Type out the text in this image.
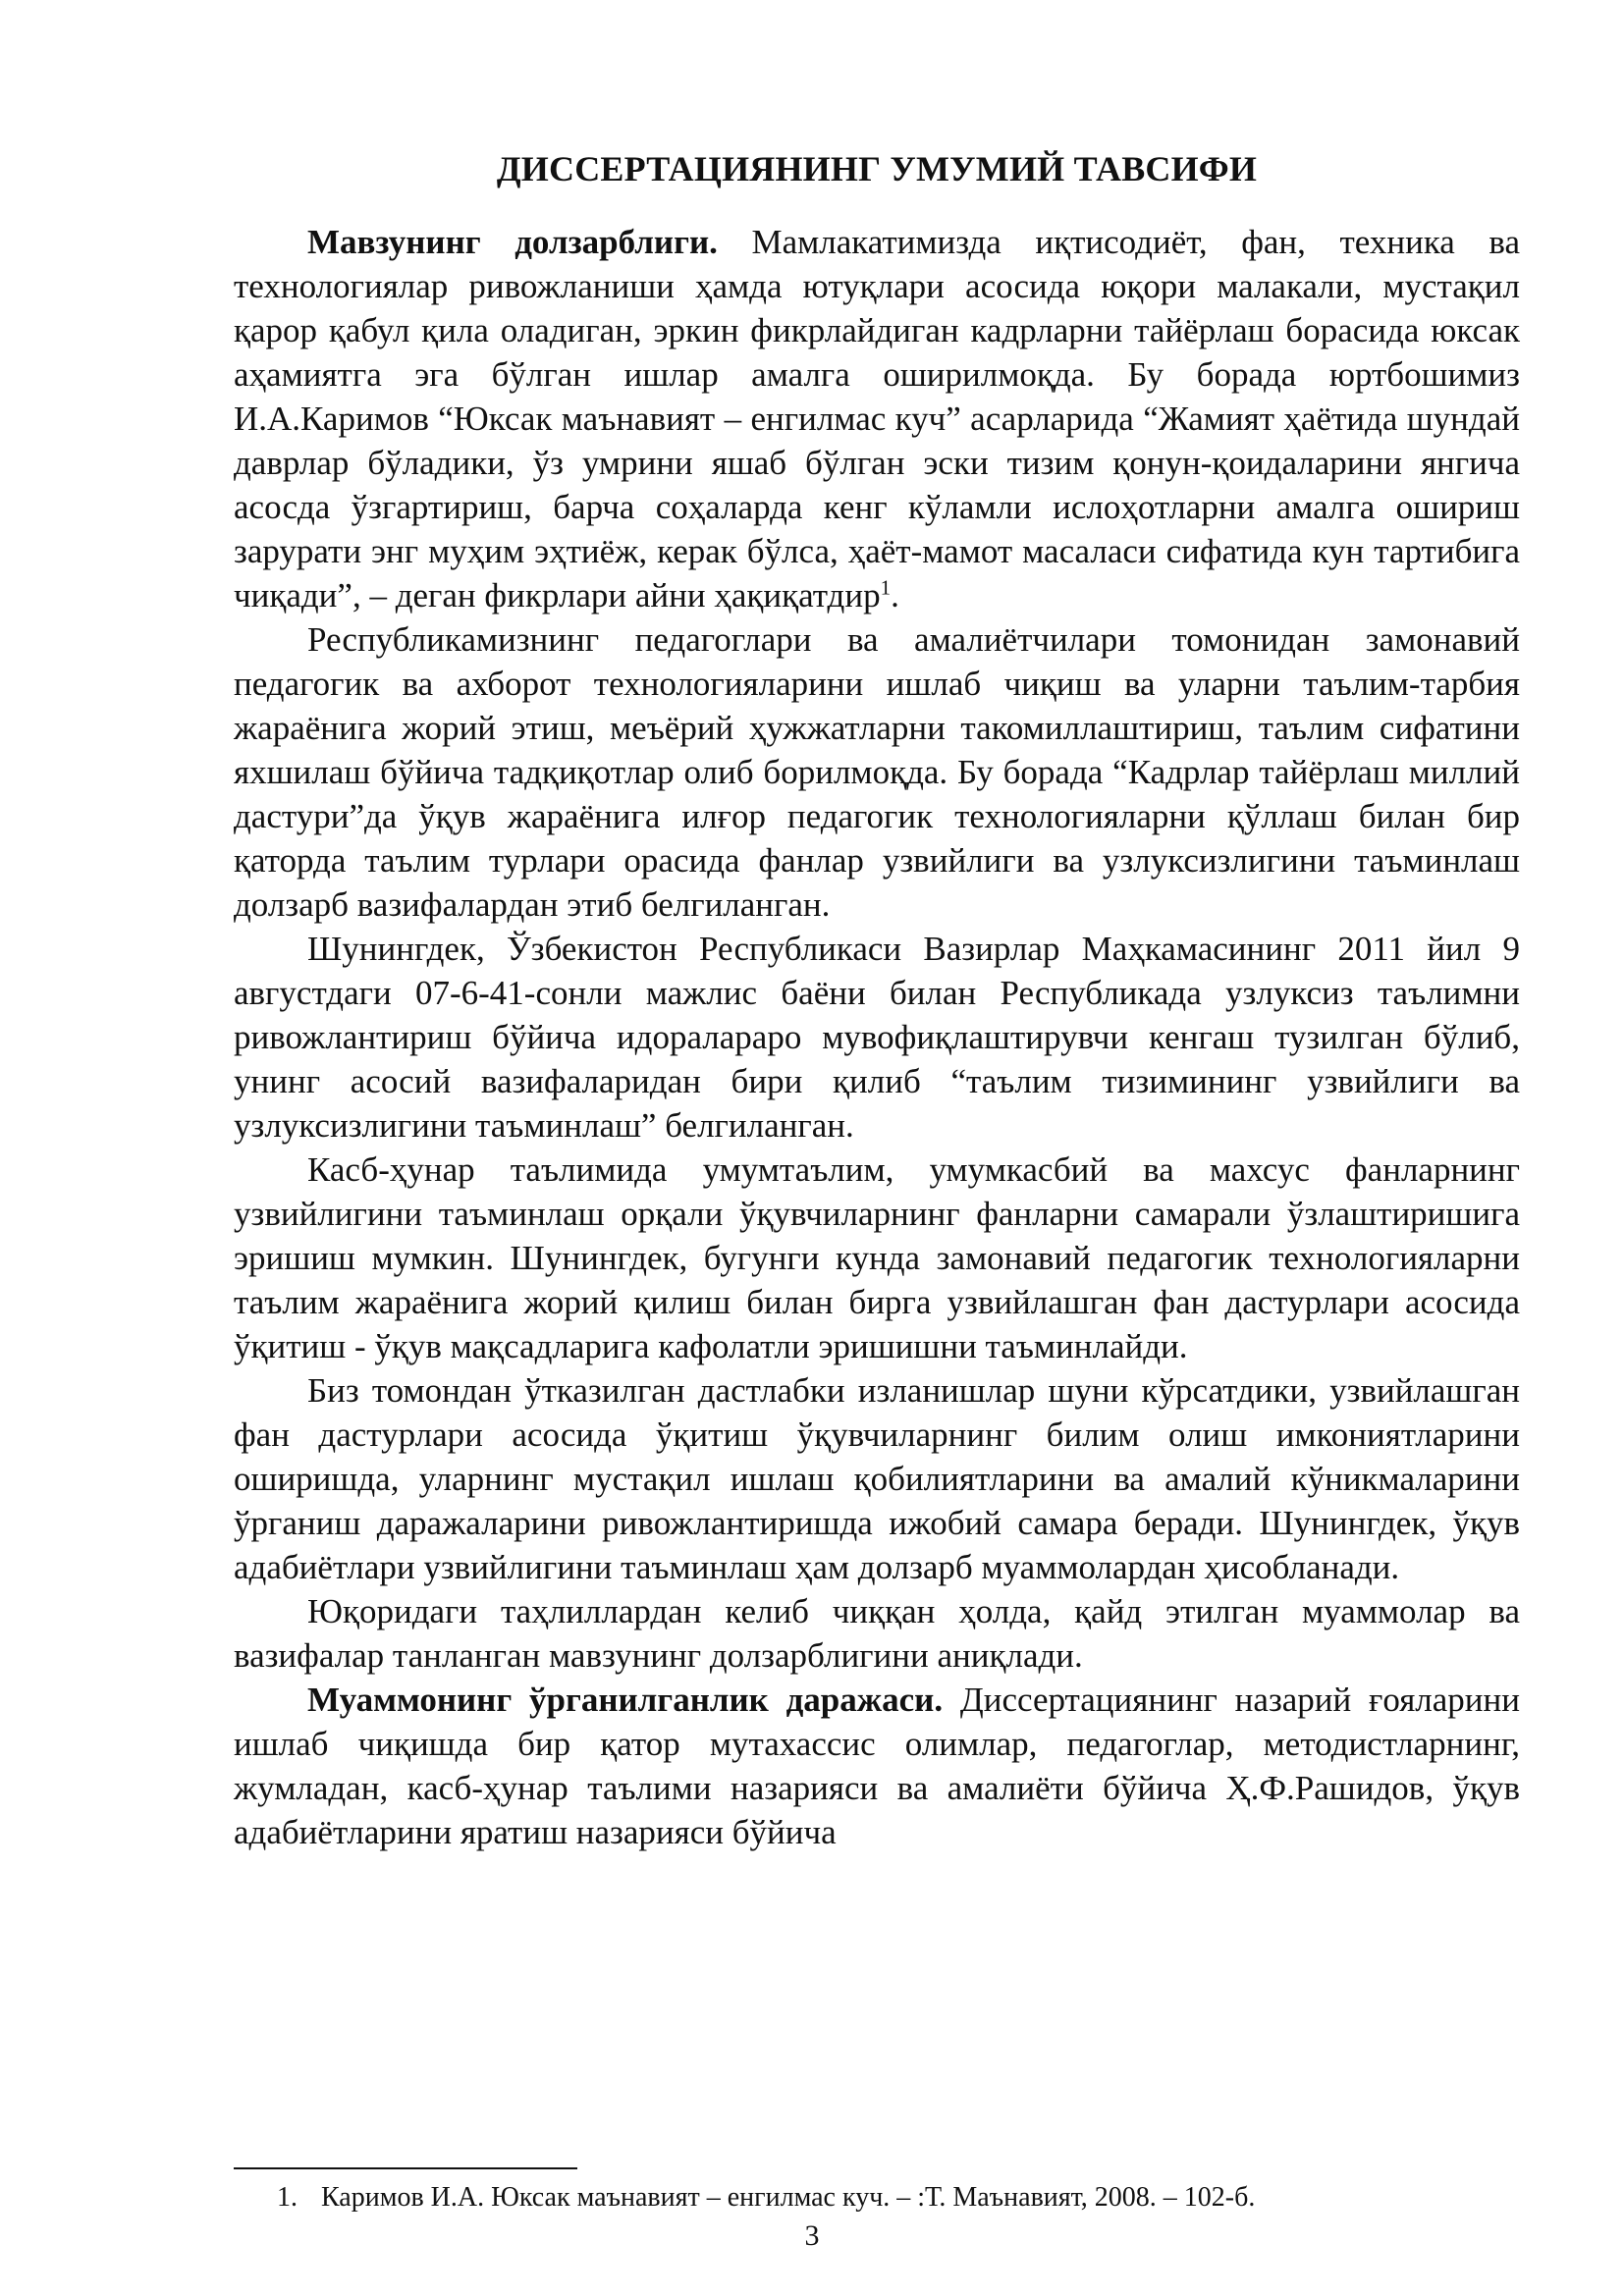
ДИССЕРТАЦИЯНИНГ УМУМИЙ ТАВСИФИ

Мавзунинг долзарблиги. Мамлакатимизда иқтисодиёт, фан, техника ва технологиялар ривожланиши ҳамда ютуқлари асосида юқори малакали, мустақил қарор қабул қила оладиган, эркин фикрлайдиган кадрларни тайёрлаш борасида юксак аҳамиятга эга бўлган ишлар амалга оширилмоқда. Бу борада юртбошимиз И.А.Каримов “Юксак маънавият – енгилмас куч” асарларида “Жамият ҳаётида шундай даврлар бўладики, ўз умрини яшаб бўлган эски тизим қонун-қоидаларини янгича асосда ўзгартириш, барча соҳаларда кенг кўламли ислоҳотларни амалга ошириш зарурати энг муҳим эҳтиёж, керак бўлса, ҳаёт-мамот масаласи сифатида кун тартибига чиқади”, – деган фикрлари айни ҳақиқатдир$^1$.

Республикамизнинг педагоглари ва амалиётчилари томонидан замонавий педагогик ва ахборот технологияларини ишлаб чиқиш ва уларни таълим-тарбия жараёнига жорий этиш, меъёрий ҳужжатларни такомиллаштириш, таълим сифатини яхшилаш бўйича тадқиқотлар олиб борилмоқда. Бу борада “Кадрлар тайёрлаш миллий дастури”да ўқув жараёнига илғор педагогик технологияларни қўллаш билан бир қаторда таълим турлари орасида фанлар узвийлиги ва узлуксизлигини таъминлаш долзарб вазифалардан этиб белгиланган.

Шунингдек, Ўзбекистон Республикаси Вазирлар Маҳкамасининг 2011 йил 9 августдаги 07-6-41-сонли мажлис баёни билан Республикада узлуксиз таълимни ривожлантириш бўйича идоралараро мувофиқлаштирувчи кенгаш тузилган бўлиб, унинг асосий вазифаларидан бири қилиб “таълим тизимининг узвийлиги ва узлуксизлигини таъминлаш” белгиланган.

Касб-ҳунар таълимида умумтаълим, умумкасбий ва махсус фанларнинг узвийлигини таъминлаш орқали ўқувчиларнинг фанларни самарали ўзлаштиришига эришиш мумкин. Шунингдек, бугунги кунда замонавий педагогик технологияларни таълим жараёнига жорий қилиш билан бирга узвийлашган фан дастурлари асосида ўқитиш - ўқув мақсадларига кафолатли эришишни таъминлайди.

Биз томондан ўтказилган дастлабки изланишлар шуни кўрсатдики, узвийлашган фан дастурлари асосида ўқитиш ўқувчиларнинг билим олиш имкониятларини оширишда, уларнинг мустақил ишлаш қобилиятларини ва амалий кўникмаларини ўрганиш даражаларини ривожлантиришда ижобий самара беради. Шунингдек, ўқув адабиётлари узвийлигини таъминлаш ҳам долзарб муаммолардан ҳисобланади.

Юқоридаги таҳлиллардан келиб чиққан ҳолда, қайд этилган муаммолар ва вазифалар танланган мавзунинг долзарблигини аниқлади.

Муаммонинг ўрганилганлик даражаси. Диссертациянинг назарий ғояларини ишлаб чиқишда бир қатор мутахассис олимлар, педагоглар, методистларнинг, жумладан, касб-ҳунар таълими назарияси ва амалиёти бўйича Ҳ.Ф.Рашидов, ўқув адабиётларини яратиш назарияси бўйича

1. Каримов И.А. Юксак маънавият – енгилмас куч. – :Т. Маънавият, 2008. – 102-б.
3
